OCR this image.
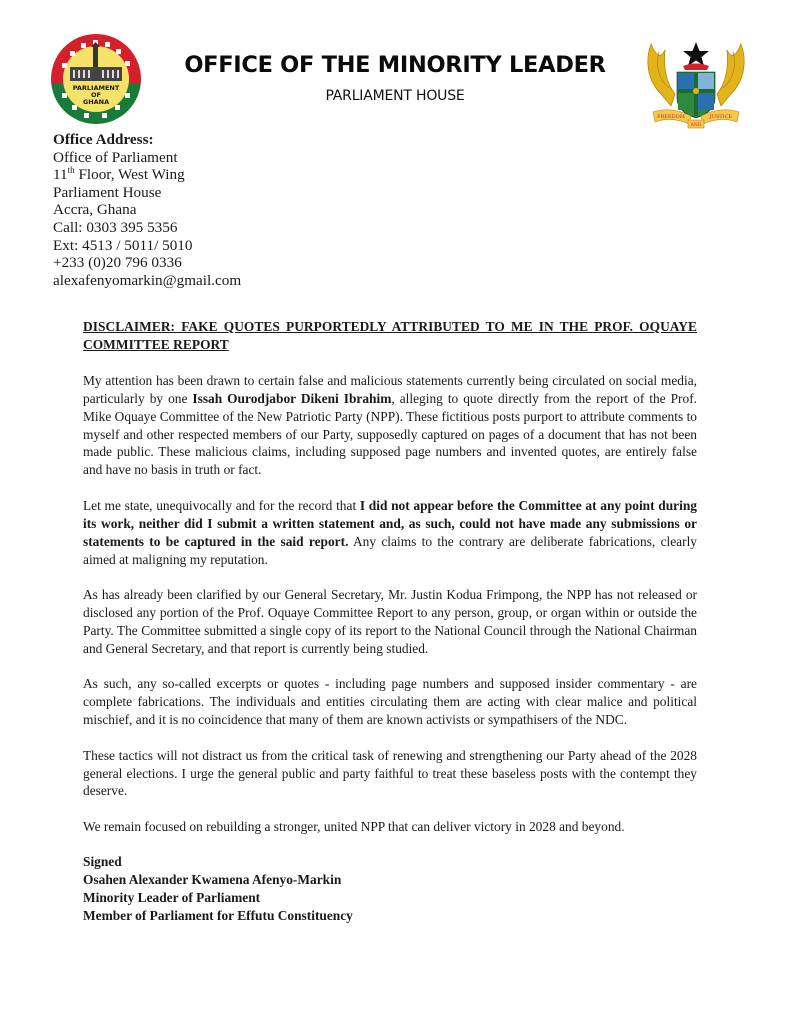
PARLIAMENT
OF
GHANA
OFFICE OF THE MINORITY LEADER
PARLIAMENT HOUSE
FREEDOM
AND
JUSTICE
Office Address:
Office of Parliament
11th Floor, West Wing
Parliament House
Accra, Ghana
Call: 0303 395 5356
Ext: 4513 / 5011/ 5010
+233 (0)20 796 0336
alexafenyomarkin@gmail.com
DISCLAIMER: FAKE QUOTES PURPORTEDLY ATTRIBUTED TO ME IN THE PROF. OQUAYE COMMITTEE REPORT

My attention has been drawn to certain false and malicious statements currently being circulated on social media, particularly by one Issah Ourodjabor Dikeni Ibrahim, alleging to quote directly from the report of the Prof. Mike Oquaye Committee of the New Patriotic Party (NPP). These fictitious posts purport to attribute comments to myself and other respected members of our Party, supposedly captured on pages of a document that has not been made public. These malicious claims, including supposed page numbers and invented quotes, are entirely false and have no basis in truth or fact.

Let me state, unequivocally and for the record that I did not appear before the Committee at any point during its work, neither did I submit a written statement and, as such, could not have made any submissions or statements to be captured in the said report. Any claims to the contrary are deliberate fabrications, clearly aimed at maligning my reputation.

As has already been clarified by our General Secretary, Mr. Justin Kodua Frimpong, the NPP has not released or disclosed any portion of the Prof. Oquaye Committee Report to any person, group, or organ within or outside the Party. The Committee submitted a single copy of its report to the National Council through the National Chairman and General Secretary, and that report is currently being studied.

As such, any so-called excerpts or quotes - including page numbers and supposed insider commentary - are complete fabrications. The individuals and entities circulating them are acting with clear malice and political mischief, and it is no coincidence that many of them are known activists or sympathisers of the NDC.

These tactics will not distract us from the critical task of renewing and strengthening our Party ahead of the 2028 general elections. I urge the general public and party faithful to treat these baseless posts with the contempt they deserve.

We remain focused on rebuilding a stronger, united NPP that can deliver victory in 2028 and beyond.

Signed
Osahen Alexander Kwamena Afenyo-Markin
Minority Leader of Parliament
Member of Parliament for Effutu Constituency
